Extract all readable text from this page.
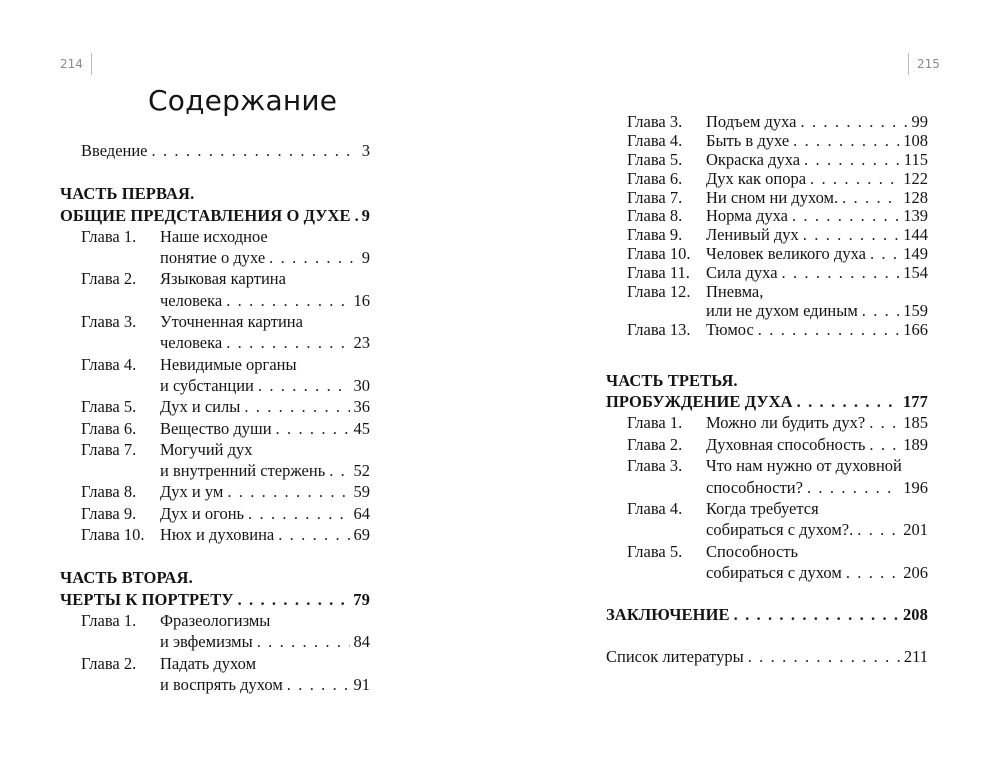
214
Содержание
Введение . . .	3
ЧАСТЬ ПЕРВАЯ.
ОБЩИЕ ПРЕДСТАВЛЕНИЯ О ДУХЕ . . . 9
Глава 1. Наше исходное
понятие о духе . . .	9
Глава 2. Языковая картина
человека . . .	16
Глава 3. Уточненная картина
человека . . .	23
Глава 4. Невидимые органы
и субстанции . . .	30
Глава 5. Дух и силы . . .	36
Глава 6. Вещество души . . .	45
Глава 7. Могучий дух
и внутренний стержень . . . 52
Глава 8. Дух и ум . . .	59
Глава 9. Дух и огонь . . .	64
Глава 10. Нюх и духовина . . .	69
ЧАСТЬ ВТОРАЯ.
ЧЕРТЫ К ПОРТРЕТУ . . .	79
Глава 1. Фразеологизмы
и эвфемизмы . . .	84
Глава 2. Падать духом
и воспрять духом . . .	91
215
Глава 3. Подъем духа . . .	99
Глава 4. Быть в духе . . .	108
Глава 5. Окраска духа . . .	115
Глава 6. Дух как опора . . .	122
Глава 7. Ни сном ни духом. . . .	128
Глава 8. Норма духа . . .	139
Глава 9. Ленивый дух . . .	144
Глава 10. Человек великого духа . . . 149
Глава 11. Сила духа . . .	154
Глава 12. Пневма,
или не духом единым . . .	159
Глава 13. Тюмос . . .	166
ЧАСТЬ ТРЕТЬЯ.
ПРОБУЖДЕНИЕ ДУХА . . .	177
Глава 1. Можно ли будить дух? . . . 185
Глава 2. Духовная способность . . . 189
Глава 3. Что нам нужно от духовной
способности? . . .	196
Глава 4. Когда требуется
собираться с духом?. . . .	201
Глава 5. Способность
собираться с духом . . .	206
ЗАКЛЮЧЕНИЕ . . .	208
Список литературы . . .	211
